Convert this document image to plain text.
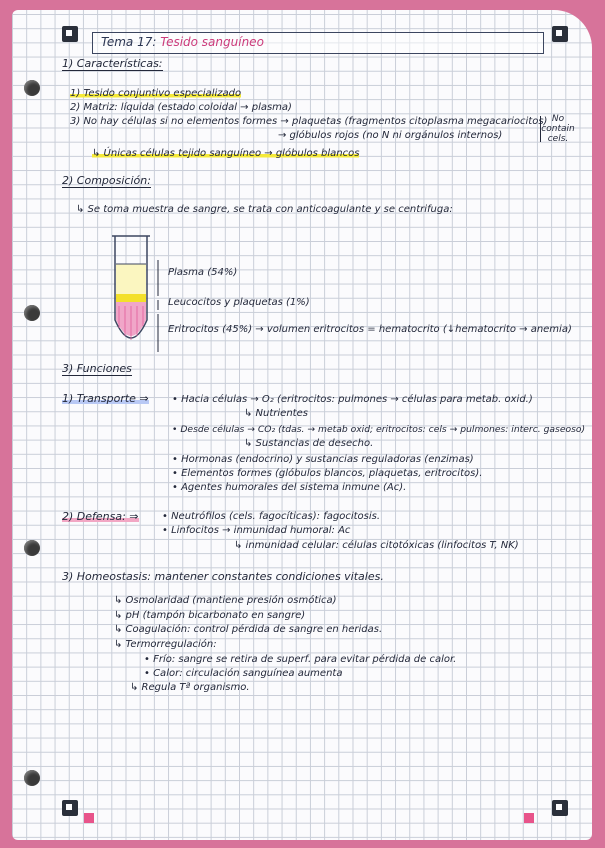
Tema 17: Tesido sanguíneo
1) Características:
1) Tesido conjuntivo especializado
2) Matriz: líquida (estado coloidal → plasma)
3) No hay células si no elementos formes → plaquetas (fragmentos citoplasma megacariocitos)
→ glóbulos rojos (no N ni orgánulos internos)
↳ Únicas células tejido sanguíneo → glóbulos blancos
No
contain
cels.
2) Composición:
↳ Se toma muestra de sangre, se trata con anticoagulante y se centrifuga:
Plasma (54%)
Leucocitos y plaquetas (1%)
Eritrocitos (45%) → volumen eritrocitos = hematocrito (↓hematocrito → anemia)
3) Funciones
1) Transporte ⇒ • Hacia células → O₂ (eritrocitos: pulmones → células para metab. oxid.)
↳ Nutrientes
• Desde células → CO₂ (tdas. → metab oxid; eritrocitos: cels → pulmones: interc. gaseoso)
↳ Sustancias de desecho.
• Hormonas (endocrino) y sustancias reguladoras (enzimas)
• Elementos formes (glóbulos blancos, plaquetas, eritrocitos).
• Agentes humorales del sistema inmune (Ac).
2) Defensa: ⇒ • Neutrófilos (cels. fagocíticas): fagocitosis.
• Linfocitos → inmunidad humoral: Ac
↳ inmunidad celular: células citotóxicas (linfocitos T, NK)
3) Homeostasis: mantener constantes condiciones vitales.
↳ Osmolaridad (mantiene presión osmótica)
↳ pH (tampón bicarbonato en sangre)
↳ Coagulación: control pérdida de sangre en heridas.
↳ Termorregulación:
• Frío: sangre se retira de superf. para evitar pérdida de calor.
• Calor: circulación sanguínea aumenta
↳ Regula Tª organismo.
